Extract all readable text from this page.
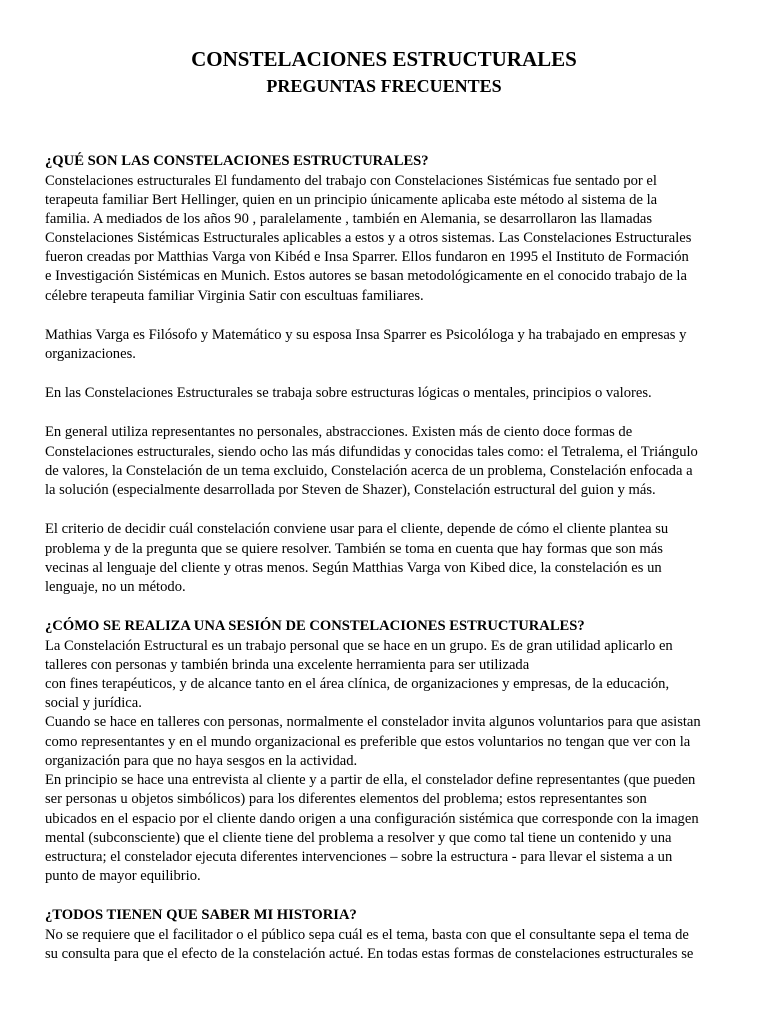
CONSTELACIONES ESTRUCTURALES
PREGUNTAS FRECUENTES
¿QUÉ SON LAS CONSTELACIONES ESTRUCTURALES?
Constelaciones estructurales El fundamento del trabajo con Constelaciones Sistémicas fue sentado por el
terapeuta familiar Bert Hellinger, quien en un principio únicamente aplicaba este método al sistema de la
familia. A mediados de los años 90 , paralelamente , también en Alemania, se desarrollaron las llamadas
Constelaciones Sistémicas Estructurales aplicables a estos y a otros sistemas. Las Constelaciones Estructurales
fueron creadas por Matthias Varga von Kibéd e Insa Sparrer. Ellos fundaron en 1995 el Instituto de Formación
e Investigación Sistémicas en Munich. Estos autores se basan metodológicamente en el conocido trabajo de la
célebre terapeuta familiar Virginia Satir con escultuas familiares.
Mathias Varga es Filósofo y Matemático y su esposa Insa Sparrer es Psicolóloga y ha trabajado en empresas y
organizaciones.
En las Constelaciones Estructurales se trabaja sobre estructuras lógicas o mentales, principios o valores.
En general utiliza representantes no personales, abstracciones. Existen más de ciento doce formas de
Constelaciones estructurales, siendo ocho las más difundidas y conocidas tales como: el Tetralema, el Triángulo
de valores, la Constelación de un tema excluido, Constelación acerca de un problema, Constelación enfocada a
la solución (especialmente desarrollada por Steven de Shazer), Constelación estructural del guion y más.
El criterio de decidir cuál constelación conviene usar para el cliente, depende de cómo el cliente plantea su
problema y de la pregunta que se quiere resolver. También se toma en cuenta que hay formas que son más
vecinas al lenguaje del cliente y otras menos. Según Matthias Varga von Kibed dice, la constelación es un
lenguaje, no un método.
¿CÓMO SE REALIZA UNA SESIÓN DE CONSTELACIONES ESTRUCTURALES?
La Constelación Estructural es un trabajo personal que se hace en un grupo. Es de gran utilidad aplicarlo en
talleres con personas y también brinda una excelente herramienta para ser utilizada
con fines terapéuticos, y de alcance tanto en el área clínica, de organizaciones y empresas, de la educación,
social y jurídica.
Cuando se hace en talleres con personas, normalmente el constelador invita algunos voluntarios para que asistan
como representantes y en el mundo organizacional es preferible que estos voluntarios no tengan que ver con la
organización para que no haya sesgos en la actividad.
En principio se hace una entrevista al cliente y a partir de ella, el constelador define representantes (que pueden
ser personas u objetos simbólicos) para los diferentes elementos del problema; estos representantes son
ubicados en el espacio por el cliente dando origen a una configuración sistémica que corresponde con la imagen
mental (subconsciente) que el cliente tiene del problema a resolver y que como tal tiene un contenido y una
estructura; el constelador ejecuta diferentes intervenciones – sobre la estructura - para llevar el sistema a un
punto de mayor equilibrio.
¿TODOS TIENEN QUE SABER MI HISTORIA?
No se requiere que el facilitador o el público sepa cuál es el tema, basta con que el consultante sepa el tema de
su consulta para que el efecto de la constelación actué. En todas estas formas de constelaciones estructurales se
